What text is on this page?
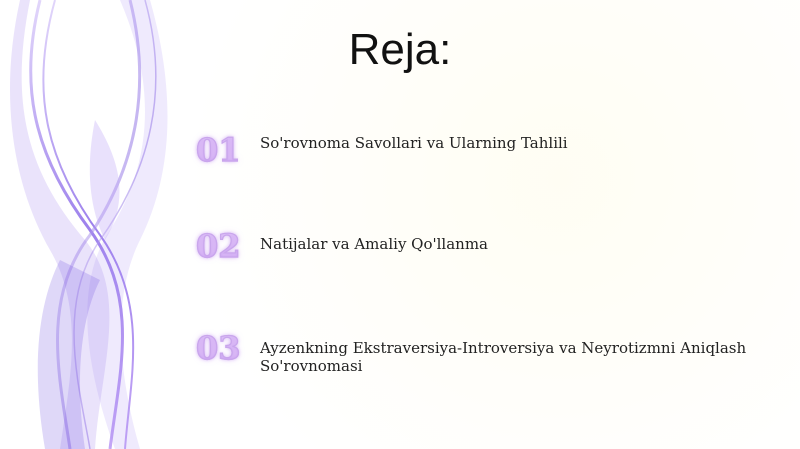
Reja:
01 So'rovnoma Savollari va Ularning Tahlili
02 Natijalar va Amaliy Qo'llanma
03 Ayzenkning Ekstraversiya-Introversiya va Neyrotizmni Aniqlash So'rovnomasi
